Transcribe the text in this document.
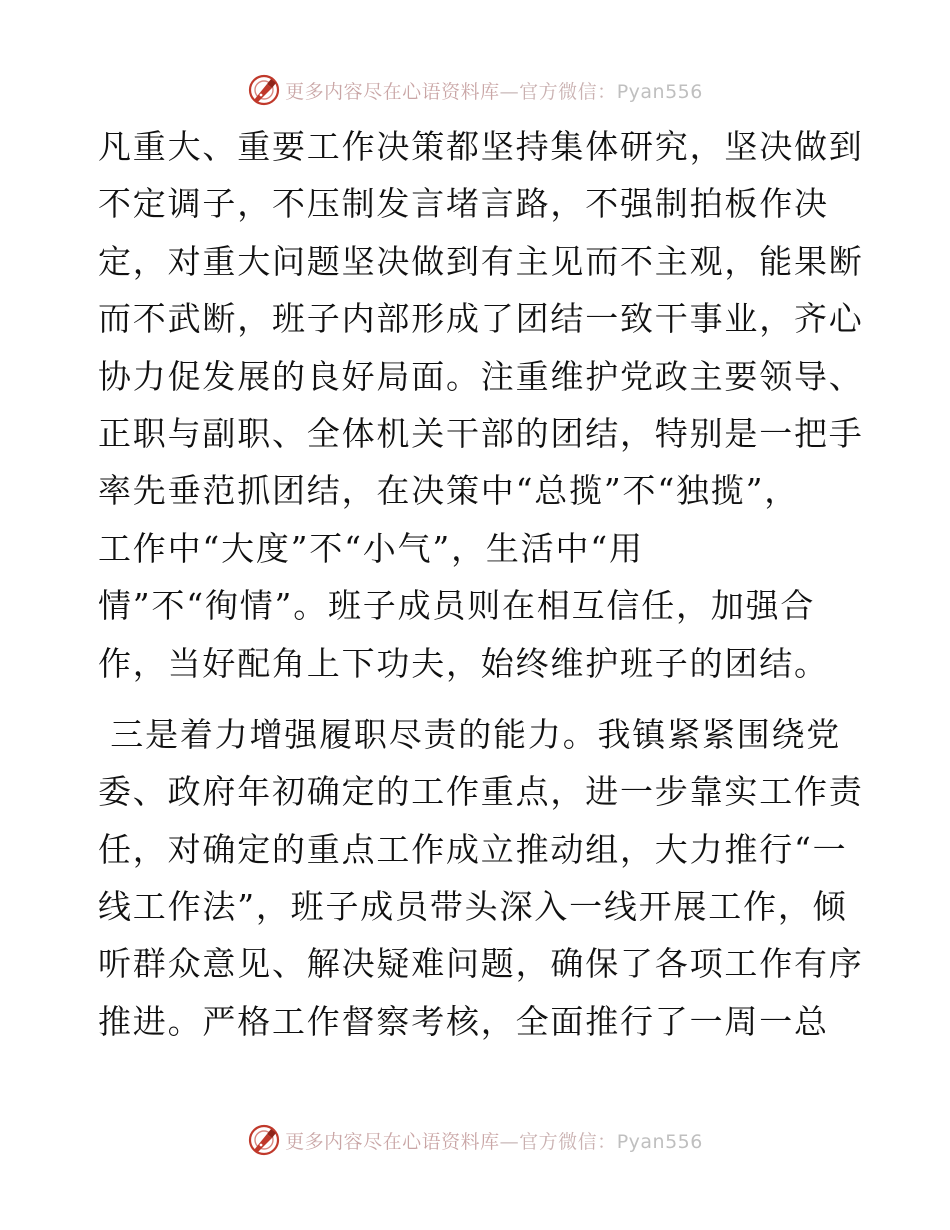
更多内容尽在心语资料库—官方微信：Pyan556
凡重大、重要工作决策都坚持集体研究，坚决做到
不定调子，不压制发言堵言路，不强制拍板作决
定，对重大问题坚决做到有主见而不主观，能果断
而不武断，班子内部形成了团结一致干事业，齐心
协力促发展的良好局面。注重维护党政主要领导、
正职与副职、全体机关干部的团结，特别是一把手
率先垂范抓团结，在决策中“总揽”不“独揽”，
工作中“大度”不“小气”，生活中“用
情”不“徇情”。班子成员则在相互信任，加强合
作，当好配角上下功夫，始终维护班子的团结。
三是着力增强履职尽责的能力。我镇紧紧围绕党
委、政府年初确定的工作重点，进一步靠实工作责
任，对确定的重点工作成立推动组，大力推行“一
线工作法”，班子成员带头深入一线开展工作，倾
听群众意见、解决疑难问题，确保了各项工作有序
推进。严格工作督察考核，全面推行了一周一总
更多内容尽在心语资料库—官方微信：Pyan556
